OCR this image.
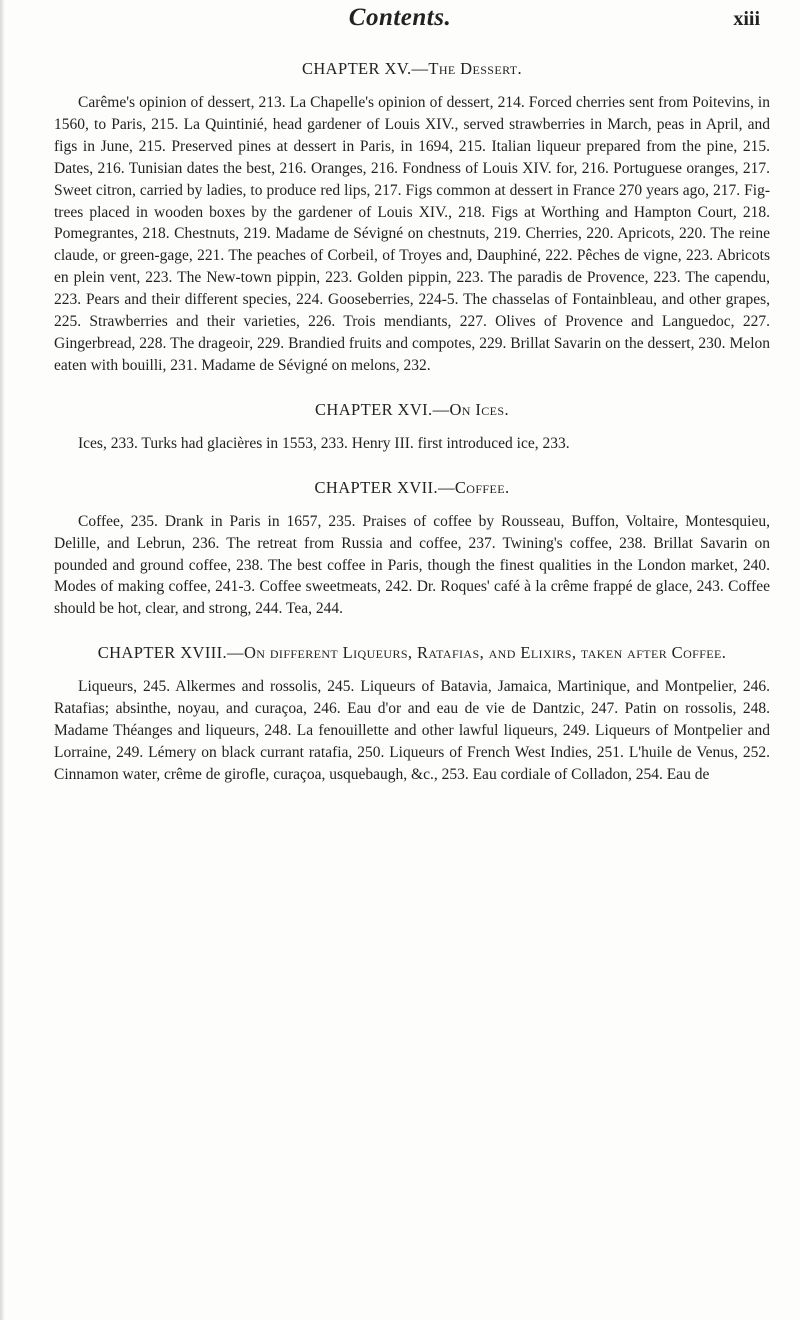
Contents.	xiii
CHAPTER XV.—The Dessert.

Carême's opinion of dessert, 213. La Chapelle's opinion of dessert, 214. Forced cherries sent from Poitevins, in 1560, to Paris, 215. La Quintinié, head gardener of Louis XIV., served strawberries in March, peas in April, and figs in June, 215. Preserved pines at dessert in Paris, in 1694, 215. Italian liqueur prepared from the pine, 215. Dates, 216. Tunisian dates the best, 216. Oranges, 216. Fondness of Louis XIV. for, 216. Portuguese oranges, 217. Sweet citron, carried by ladies, to produce red lips, 217. Figs common at dessert in France 270 years ago, 217. Fig-trees placed in wooden boxes by the gardener of Louis XIV., 218. Figs at Worthing and Hampton Court, 218. Pomegrantes, 218. Chestnuts, 219. Madame de Sévigné on chestnuts, 219. Cherries, 220. Apricots, 220. The reine claude, or green-gage, 221. The peaches of Corbeil, of Troyes and, Dauphiné, 222. Pêches de vigne, 223. Abricots en plein vent, 223. The New-town pippin, 223. Golden pippin, 223. The paradis de Provence, 223. The capendu, 223. Pears and their different species, 224. Gooseberries, 224-5. The chasselas of Fontainbleau, and other grapes, 225. Strawberries and their varieties, 226. Trois mendiants, 227. Olives of Provence and Languedoc, 227. Gingerbread, 228. The drageoir, 229. Brandied fruits and compotes, 229. Brillat Savarin on the dessert, 230. Melon eaten with bouilli, 231. Madame de Sévigné on melons, 232.

CHAPTER XVI.—On Ices.

Ices, 233. Turks had glacières in 1553, 233. Henry III. first introduced ice, 233.

CHAPTER XVII.—Coffee.

Coffee, 235. Drank in Paris in 1657, 235. Praises of coffee by Rousseau, Buffon, Voltaire, Montesquieu, Delille, and Lebrun, 236. The retreat from Russia and coffee, 237. Twining's coffee, 238. Brillat Savarin on pounded and ground coffee, 238. The best coffee in Paris, though the finest qualities in the London market, 240. Modes of making coffee, 241-3. Coffee sweetmeats, 242. Dr. Roques' café à la crême frappé de glace, 243. Coffee should be hot, clear, and strong, 244. Tea, 244.

CHAPTER XVIII.—On different Liqueurs, Ratafias, and Elixirs, taken after Coffee.

Liqueurs, 245. Alkermes and rossolis, 245. Liqueurs of Batavia, Jamaica, Martinique, and Montpelier, 246. Ratafias; absinthe, noyau, and curaçoa, 246. Eau d'or and eau de vie de Dantzic, 247. Patin on rossolis, 248. Madame Théanges and liqueurs, 248. La fenouillette and other lawful liqueurs, 249. Liqueurs of Montpelier and Lorraine, 249. Lémery on black currant ratafia, 250. Liqueurs of French West Indies, 251. L'huile de Venus, 252. Cinnamon water, crême de girofle, curaçoa, usquebaugh, &c., 253. Eau cordiale of Colladon, 254. Eau de
